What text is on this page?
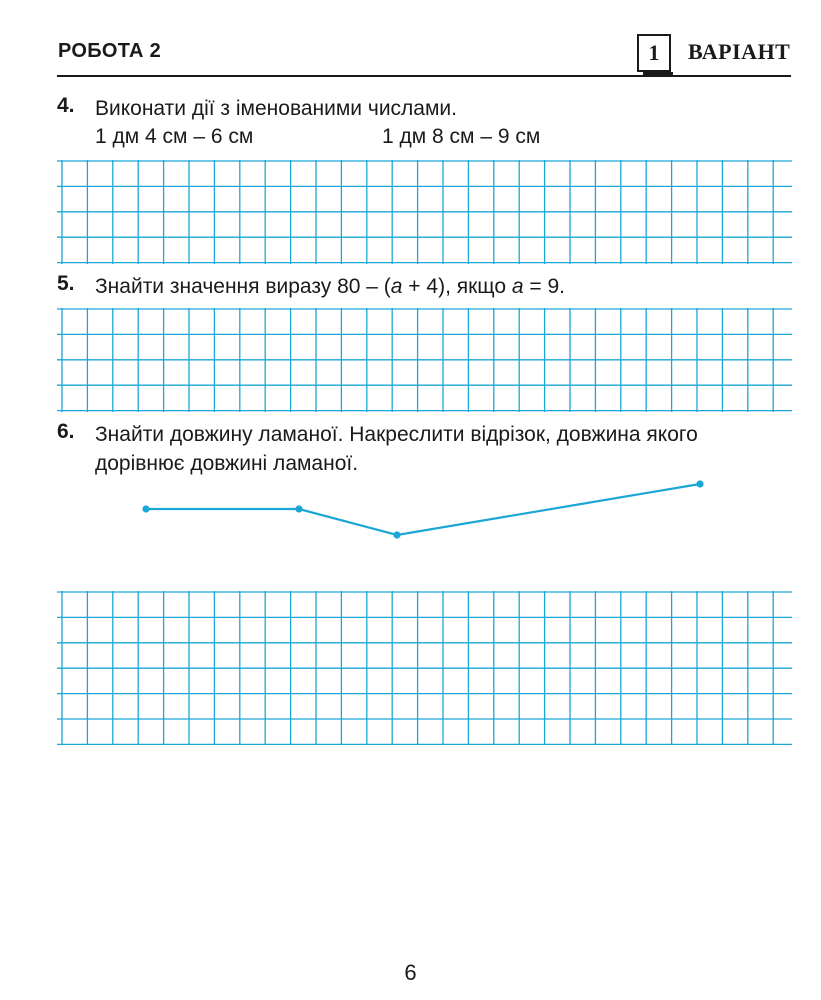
РОБОТА 2	1 ВАРІАНТ
4. Виконати дії з іменованими числами.
1 дм 4 см – 6 см	1 дм 8 см – 9 см
5. Знайти значення виразу 80 – (a + 4), якщо a = 9.
6. Знайти довжину ламаної. Накреслити відрізок, довжина якого
дорівнює довжині ламаної.
6
